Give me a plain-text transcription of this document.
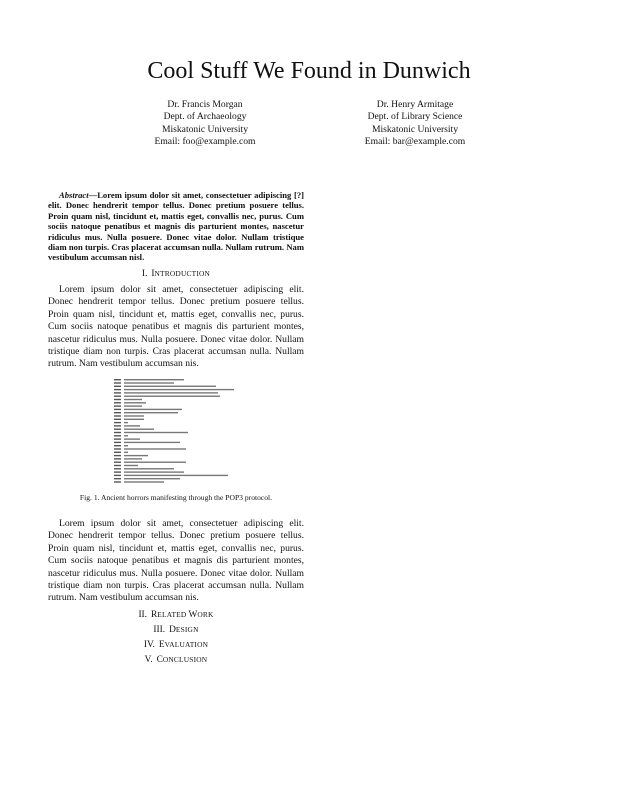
Cool Stuff We Found in Dunwich
Dr. Francis Morgan
Dept. of Archaeology
Miskatonic University
Email: foo@example.com
Dr. Henry Armitage
Dept. of Library Science
Miskatonic University
Email: bar@example.com
Abstract—Lorem ipsum dolor sit amet, consectetuer adipiscing [?] elit. Donec hendrerit tempor tellus. Donec pretium posuere tellus. Proin quam nisl, tincidunt et, mattis eget, convallis nec, purus. Cum sociis natoque penatibus et magnis dis parturient montes, nascetur ridiculus mus. Nulla posuere. Donec vitae dolor. Nullam tristique diam non turpis. Cras placerat accumsan nulla. Nullam rutrum. Nam vestibulum accumsan nisl.
I. INTRODUCTION
Lorem ipsum dolor sit amet, consectetuer adipiscing elit. Donec hendrerit tempor tellus. Donec pretium posuere tellus. Proin quam nisl, tincidunt et, mattis eget, convallis nec, purus. Cum sociis natoque penatibus et magnis dis parturient montes, nascetur ridiculus mus. Nulla posuere. Donec vitae dolor. Nullam tristique diam non turpis. Cras placerat accumsan nulla. Nullam rutrum. Nam vestibulum accumsan nis.
Fig. 1. Ancient horrors manifesting through the POP3 protocol.
Lorem ipsum dolor sit amet, consectetuer adipiscing elit. Donec hendrerit tempor tellus. Donec pretium posuere tellus. Proin quam nisl, tincidunt et, mattis eget, convallis nec, purus. Cum sociis natoque penatibus et magnis dis parturient montes, nascetur ridiculus mus. Nulla posuere. Donec vitae dolor. Nullam tristique diam non turpis. Cras placerat accumsan nulla. Nullam rutrum. Nam vestibulum accumsan nis.
II. RELATED WORK
III. DESIGN
IV. EVALUATION
V. CONCLUSION
